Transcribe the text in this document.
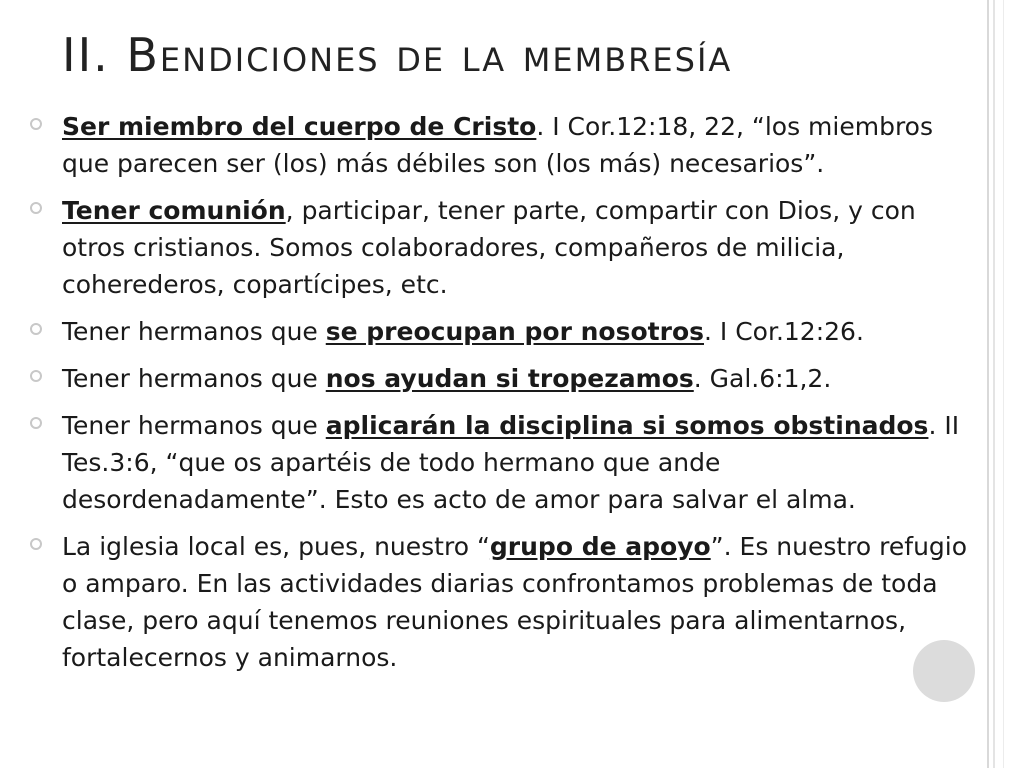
II. Bendiciones de la membresía
Ser miembro del cuerpo de Cristo. I Cor.12:18, 22, “los miembros que parecen ser (los) más débiles son (los más) necesarios”.
Tener comunión, participar, tener parte, compartir con Dios, y con otros cristianos. Somos colaboradores, compañeros de milicia, coherederos, copartícipes, etc.
Tener hermanos que se preocupan por nosotros. I Cor.12:26.
Tener hermanos que nos ayudan si tropezamos. Gal.6:1,2.
Tener hermanos que aplicarán la disciplina si somos obstinados. II Tes.3:6, “que os apartéis de todo hermano que ande desordenadamente”. Esto es acto de amor para salvar el alma.
La iglesia local es, pues, nuestro “grupo de apoyo”. Es nuestro refugio o amparo. En las actividades diarias confrontamos problemas de toda clase, pero aquí tenemos reuniones espirituales para alimentarnos, fortalecernos y animarnos.
